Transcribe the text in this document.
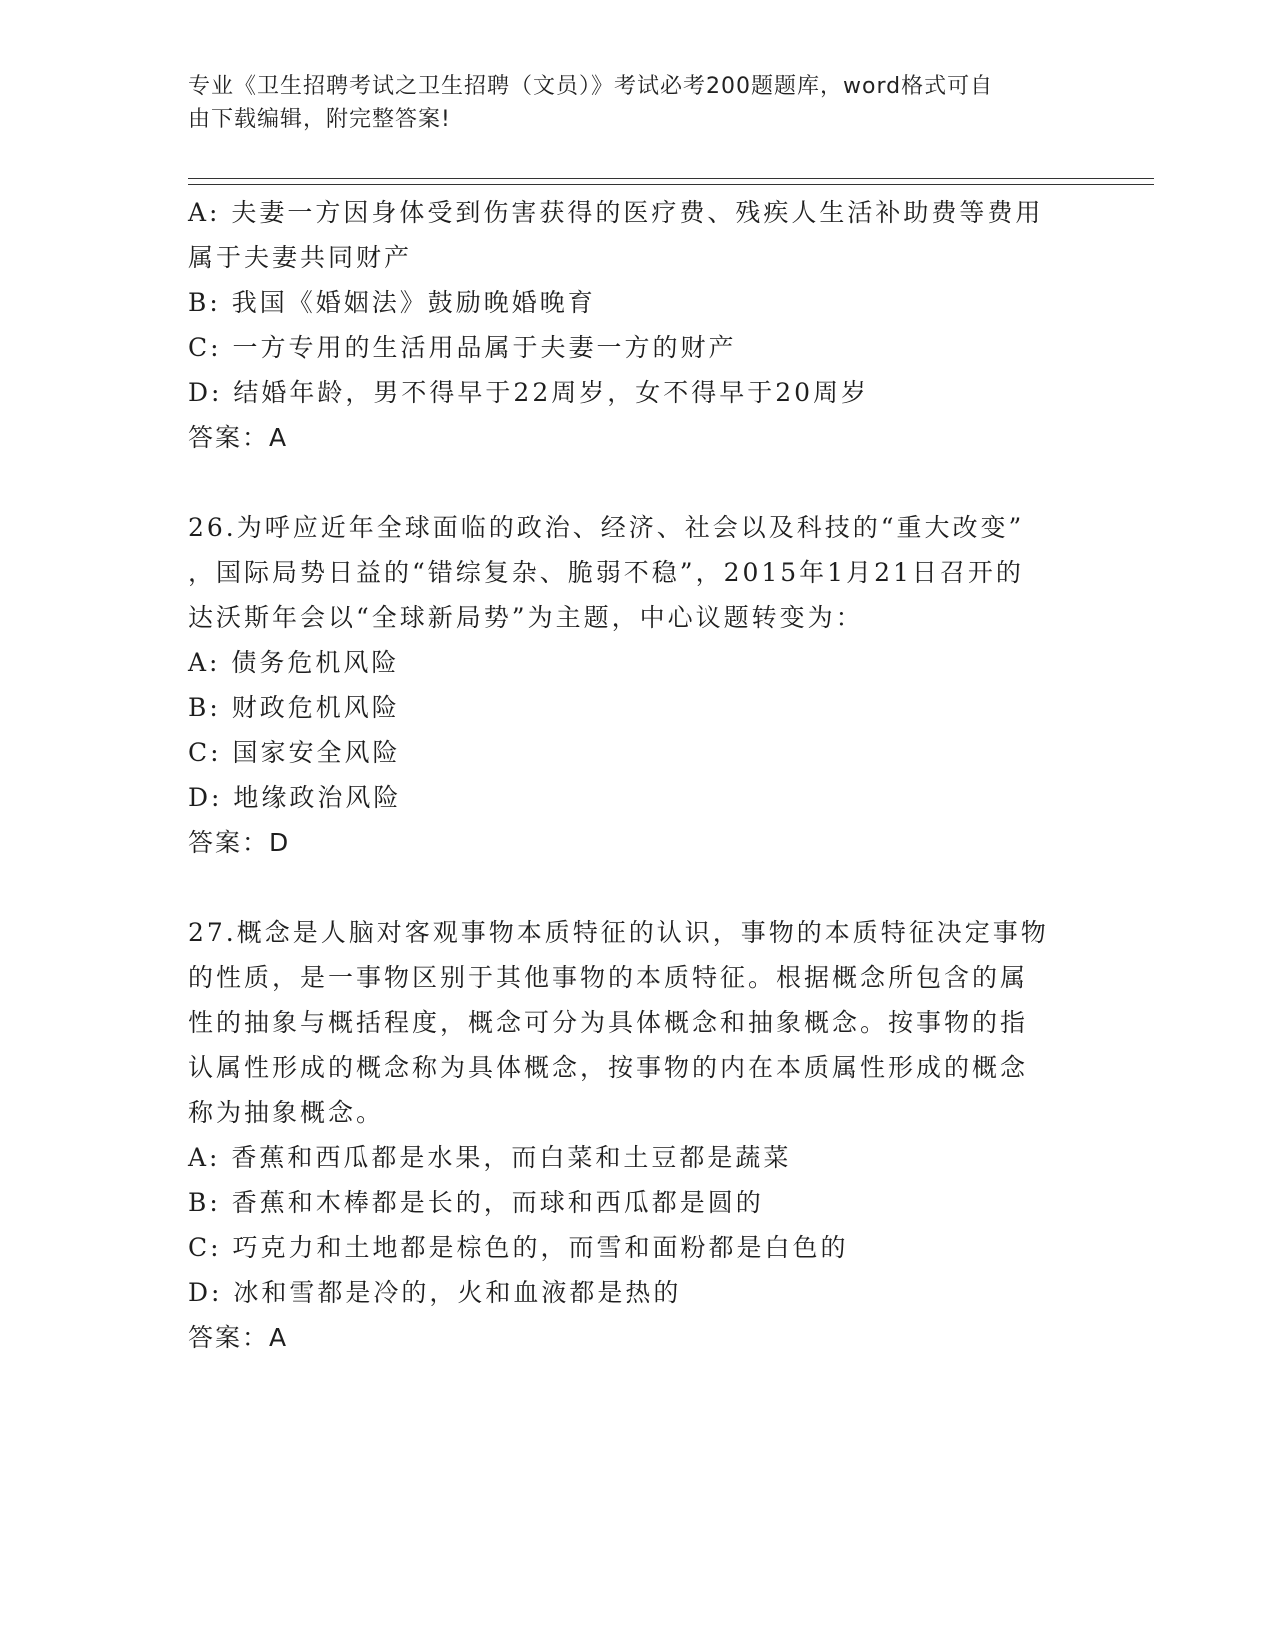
专业《卫生招聘考试之卫生招聘（文员）》考试必考200题题库，word格式可自
由下载编辑，附完整答案!
A: 夫妻一方因身体受到伤害获得的医疗费、残疾人生活补助费等费用
属于夫妻共同财产
B: 我国《婚姻法》鼓励晚婚晚育
C: 一方专用的生活用品属于夫妻一方的财产
D: 结婚年龄，男不得早于22周岁，女不得早于20周岁
答案：A
26.为呼应近年全球面临的政治、经济、社会以及科技的“重大改变”
，国际局势日益的“错综复杂、脆弱不稳”，2015年1月21日召开的
达沃斯年会以“全球新局势”为主题，中心议题转变为：
A: 债务危机风险
B: 财政危机风险
C: 国家安全风险
D: 地缘政治风险
答案：D
27.概念是人脑对客观事物本质特征的认识，事物的本质特征决定事物
的性质，是一事物区别于其他事物的本质特征。根据概念所包含的属
性的抽象与概括程度，概念可分为具体概念和抽象概念。按事物的指
认属性形成的概念称为具体概念，按事物的内在本质属性形成的概念
称为抽象概念。
A: 香蕉和西瓜都是水果，而白菜和土豆都是蔬菜
B: 香蕉和木棒都是长的，而球和西瓜都是圆的
C: 巧克力和土地都是棕色的，而雪和面粉都是白色的
D: 冰和雪都是冷的，火和血液都是热的
答案：A
